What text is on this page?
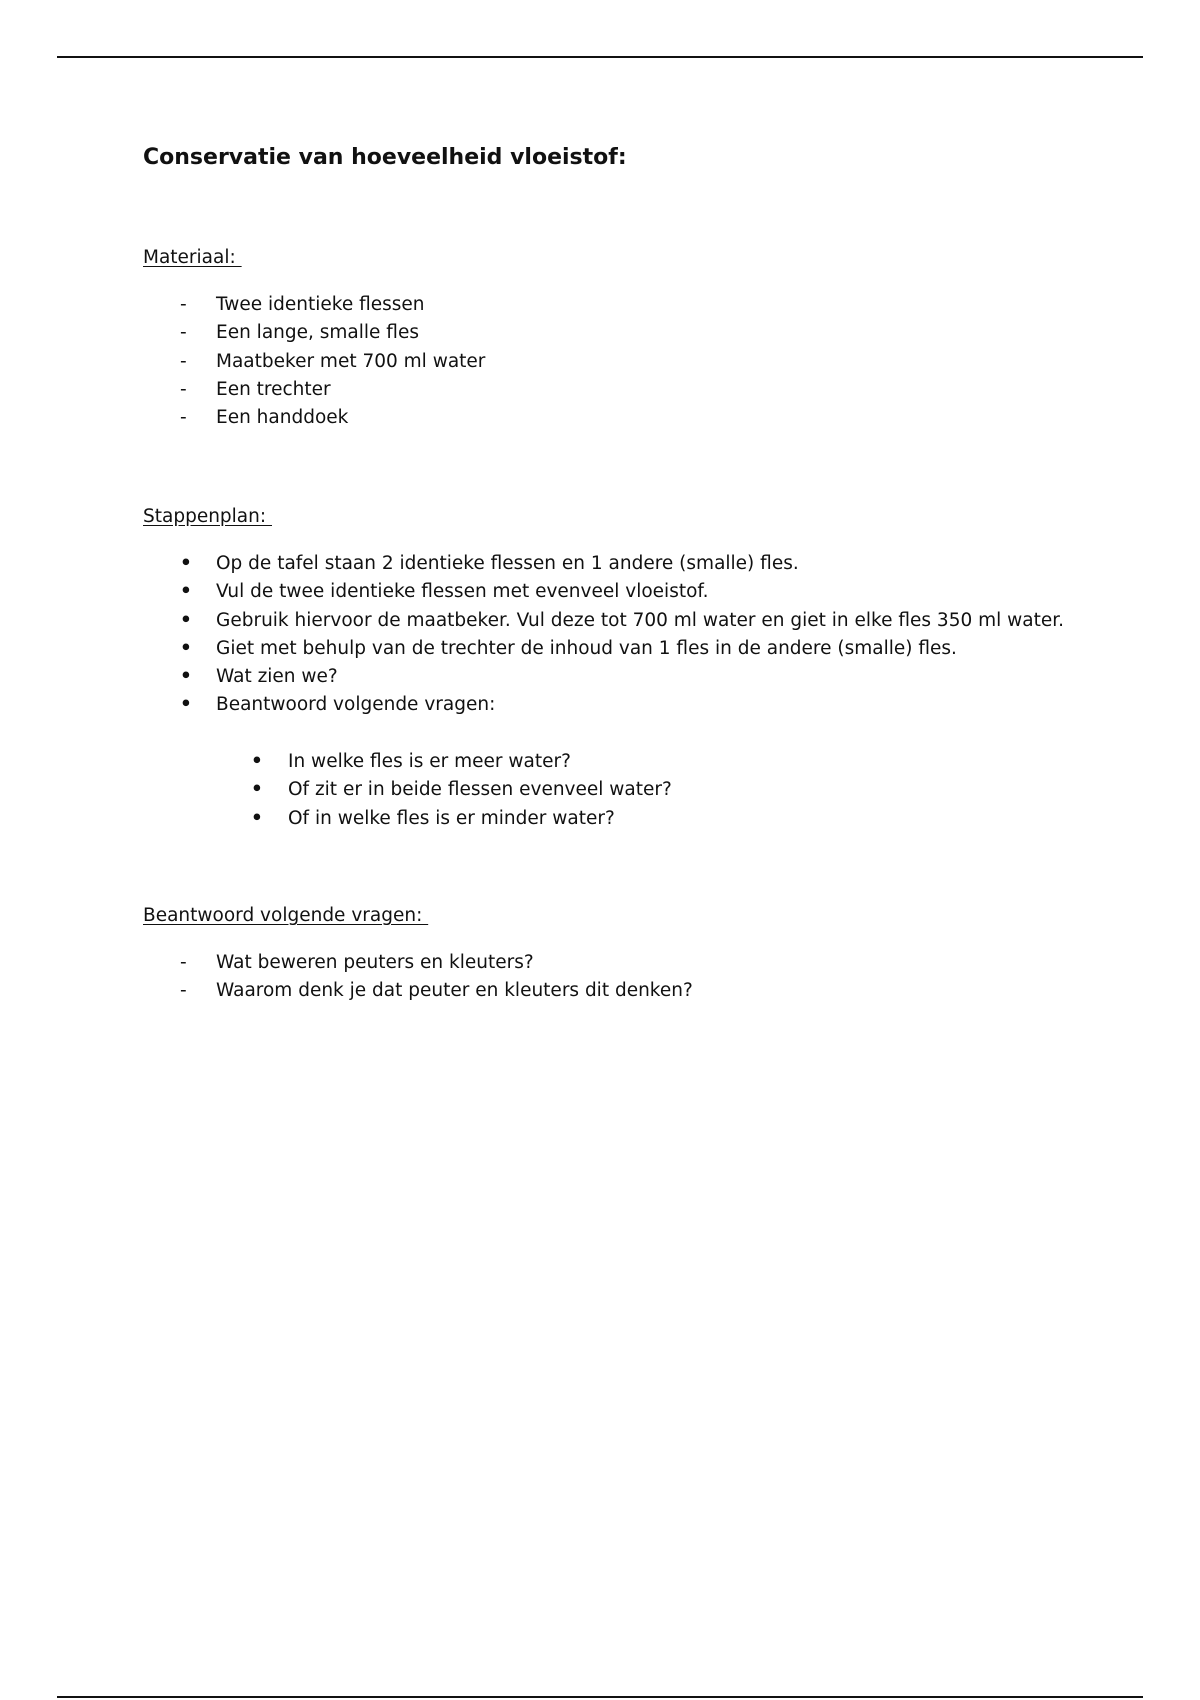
Conservatie van hoeveelheid vloeistof:

Materiaal:

- Twee identieke flessen
- Een lange, smalle fles
- Maatbeker met 700 ml water
- Een trechter
- Een handdoek

Stappenplan:

• Op de tafel staan 2 identieke flessen en 1 andere (smalle) fles.
• Vul de twee identieke flessen met evenveel vloeistof.
• Gebruik hiervoor de maatbeker. Vul deze tot 700 ml water en giet in elke fles 350 ml water.
• Giet met behulp van de trechter de inhoud van 1 fles in de andere (smalle) fles.
• Wat zien we?
• Beantwoord volgende vragen:
• In welke fles is er meer water?
• Of zit er in beide flessen evenveel water?
• Of in welke fles is er minder water?

Beantwoord volgende vragen:

- Wat beweren peuters en kleuters?
- Waarom denk je dat peuter en kleuters dit denken?
